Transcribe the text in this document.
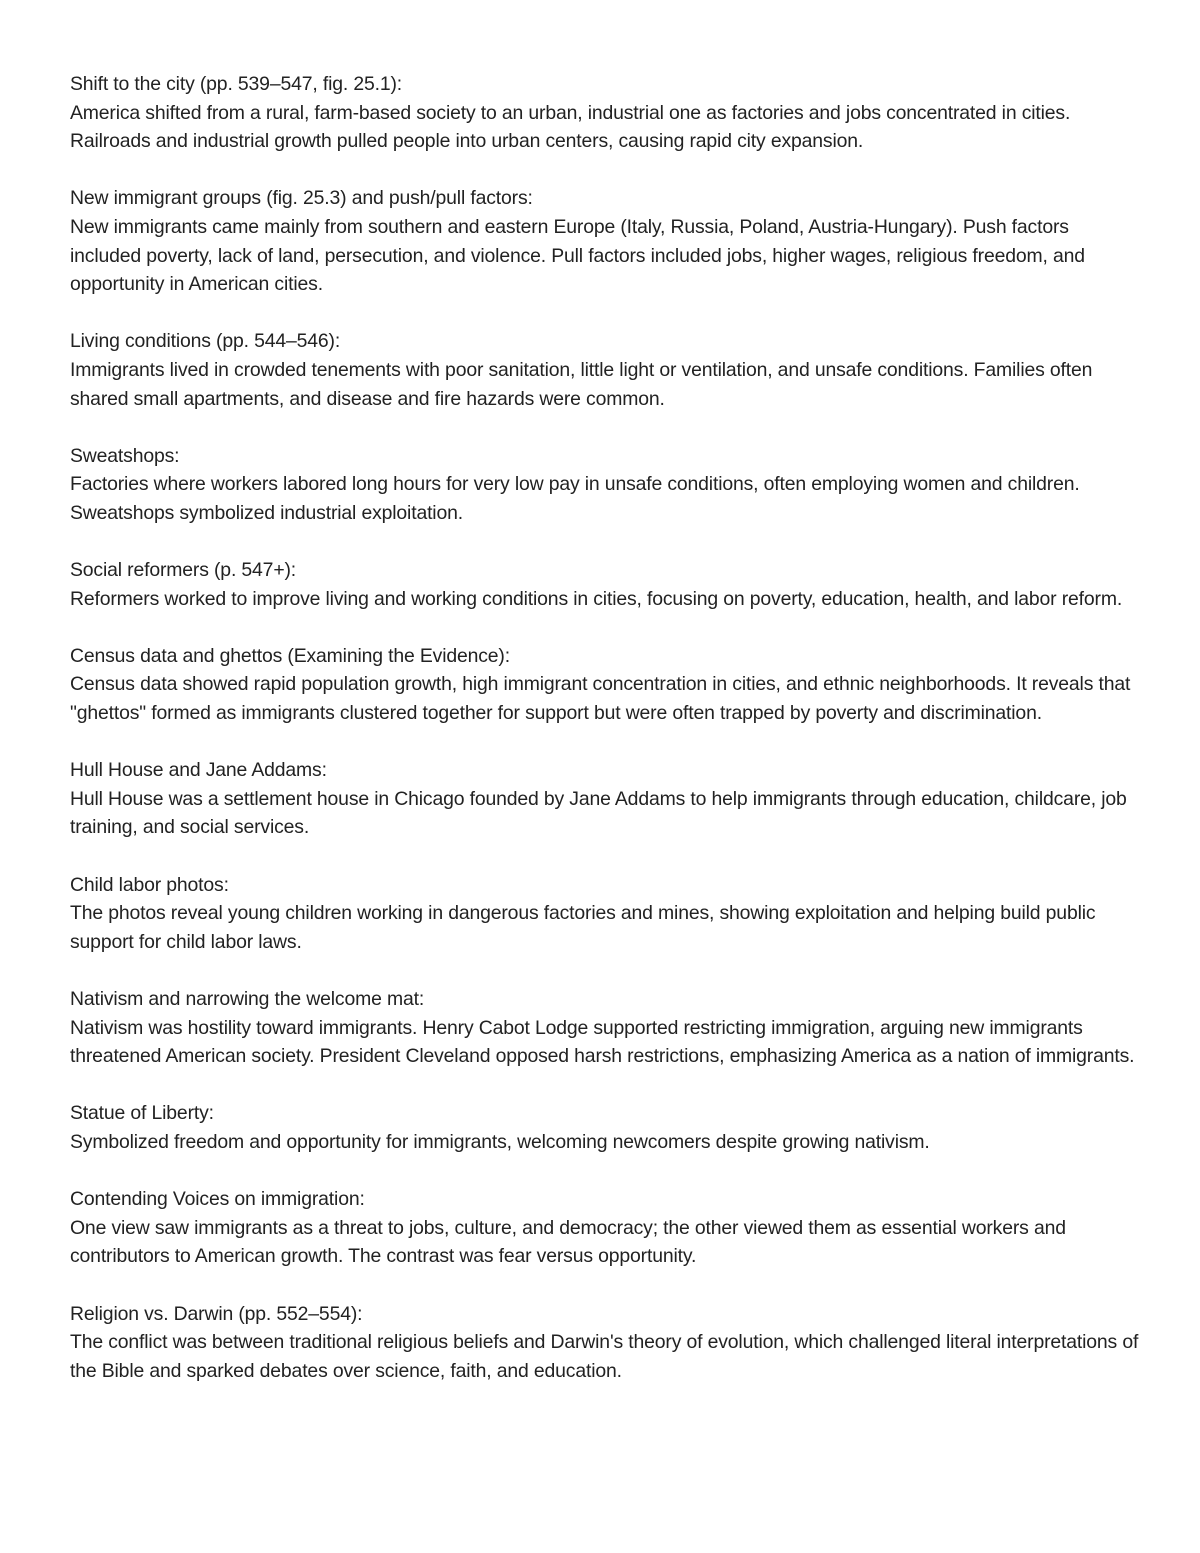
Shift to the city (pp. 539–547, fig. 25.1):
America shifted from a rural, farm-based society to an urban, industrial one as factories and jobs concentrated in cities. Railroads and industrial growth pulled people into urban centers, causing rapid city expansion.
New immigrant groups (fig. 25.3) and push/pull factors:
New immigrants came mainly from southern and eastern Europe (Italy, Russia, Poland, Austria-Hungary). Push factors included poverty, lack of land, persecution, and violence. Pull factors included jobs, higher wages, religious freedom, and opportunity in American cities.
Living conditions (pp. 544–546):
Immigrants lived in crowded tenements with poor sanitation, little light or ventilation, and unsafe conditions. Families often shared small apartments, and disease and fire hazards were common.
Sweatshops:
Factories where workers labored long hours for very low pay in unsafe conditions, often employing women and children. Sweatshops symbolized industrial exploitation.
Social reformers (p. 547+):
Reformers worked to improve living and working conditions in cities, focusing on poverty, education, health, and labor reform.
Census data and ghettos (Examining the Evidence):
Census data showed rapid population growth, high immigrant concentration in cities, and ethnic neighborhoods. It reveals that "ghettos" formed as immigrants clustered together for support but were often trapped by poverty and discrimination.
Hull House and Jane Addams:
Hull House was a settlement house in Chicago founded by Jane Addams to help immigrants through education, childcare, job training, and social services.
Child labor photos:
The photos reveal young children working in dangerous factories and mines, showing exploitation and helping build public support for child labor laws.
Nativism and narrowing the welcome mat:
Nativism was hostility toward immigrants. Henry Cabot Lodge supported restricting immigration, arguing new immigrants threatened American society. President Cleveland opposed harsh restrictions, emphasizing America as a nation of immigrants.
Statue of Liberty:
Symbolized freedom and opportunity for immigrants, welcoming newcomers despite growing nativism.
Contending Voices on immigration:
One view saw immigrants as a threat to jobs, culture, and democracy; the other viewed them as essential workers and contributors to American growth. The contrast was fear versus opportunity.
Religion vs. Darwin (pp. 552–554):
The conflict was between traditional religious beliefs and Darwin's theory of evolution, which challenged literal interpretations of the Bible and sparked debates over science, faith, and education.
